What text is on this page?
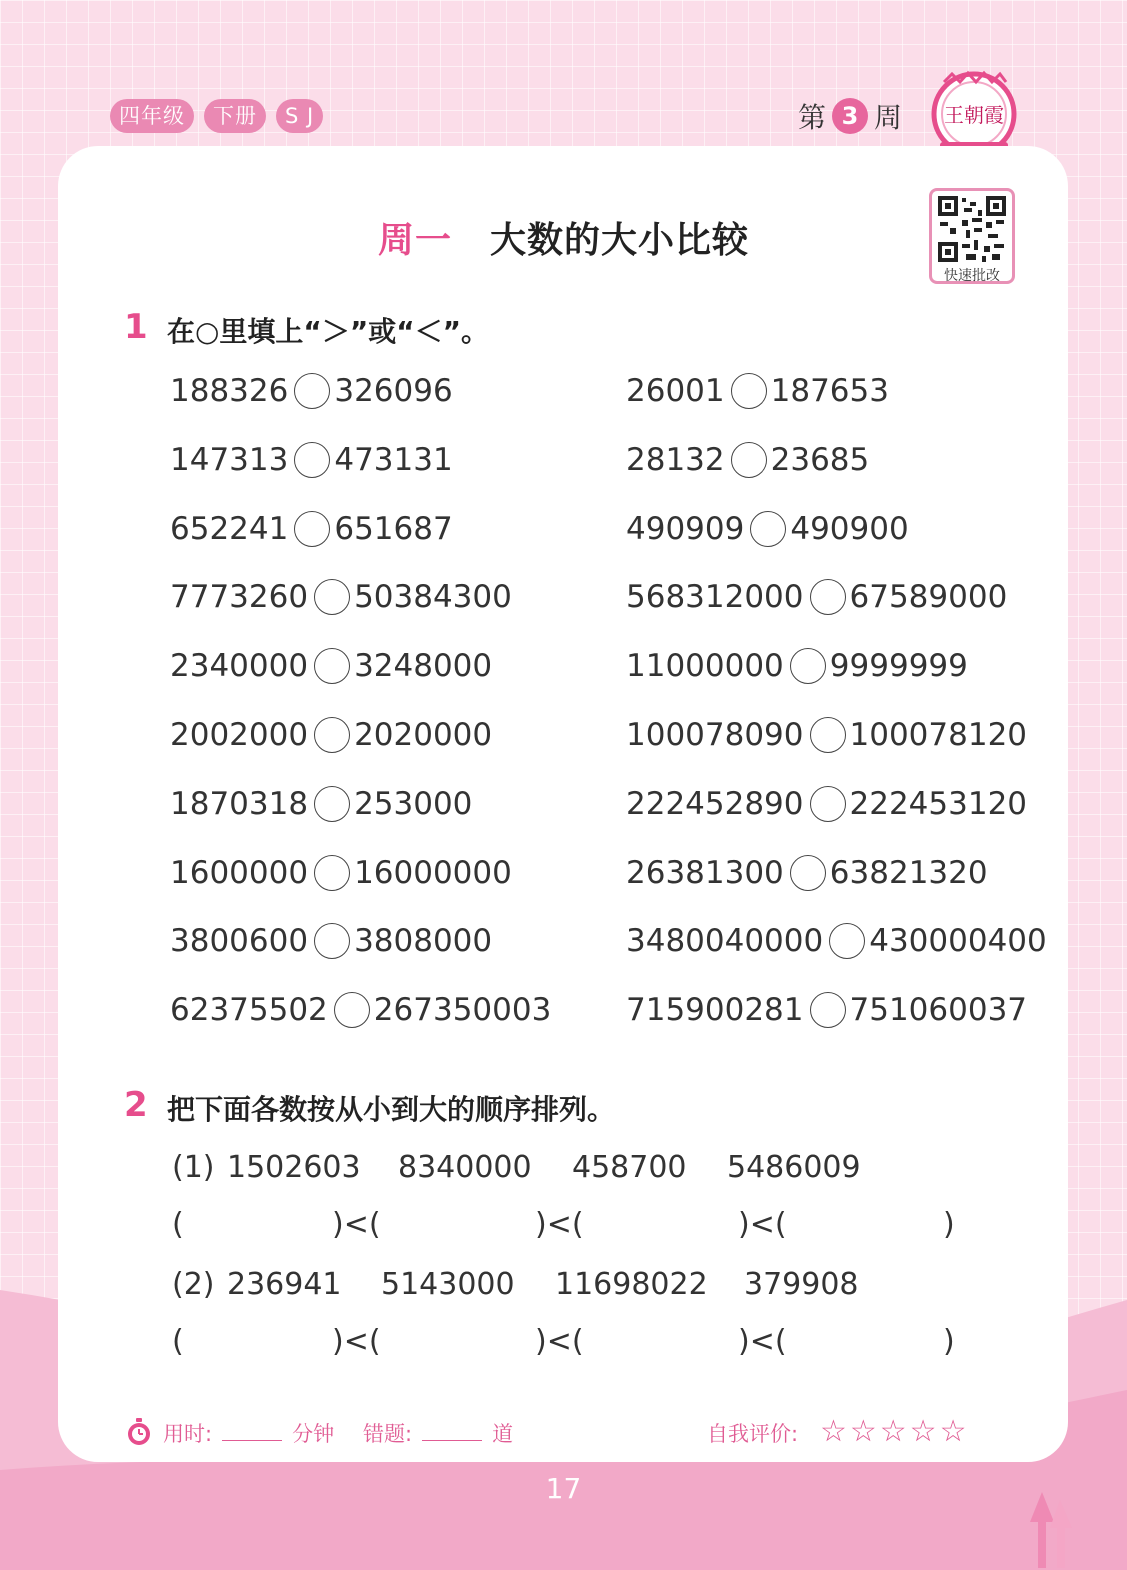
四年级	下册	S J	第 3 周 王朝霞
快速批改
周一 大数的大小比较
1 在○里填上“＞”或“＜”。
188326 326096
147313 473131
652241 651687
7773260 50384300
2340000 3248000
2002000 2020000
1870318 253000
1600000 16000000
3800600 3808000
62375502 267350003
26001 187653
28132 23685
490909 490900
568312000 67589000
11000000 9999999
100078090 100078120
222452890 222453120
26381300 63821320
3480040000 430000400
715900281 751060037
2 把下面各数按从小到大的顺序排列。
(1) 1502603 8340000 458700 5486009
(	)<(	)<(	)<(	)
(2) 236941 5143000 11698022 379908
(	)<(	)<(	)<(	)
用时:	分钟 错题:	道	自我评价: ☆☆☆☆☆
17
